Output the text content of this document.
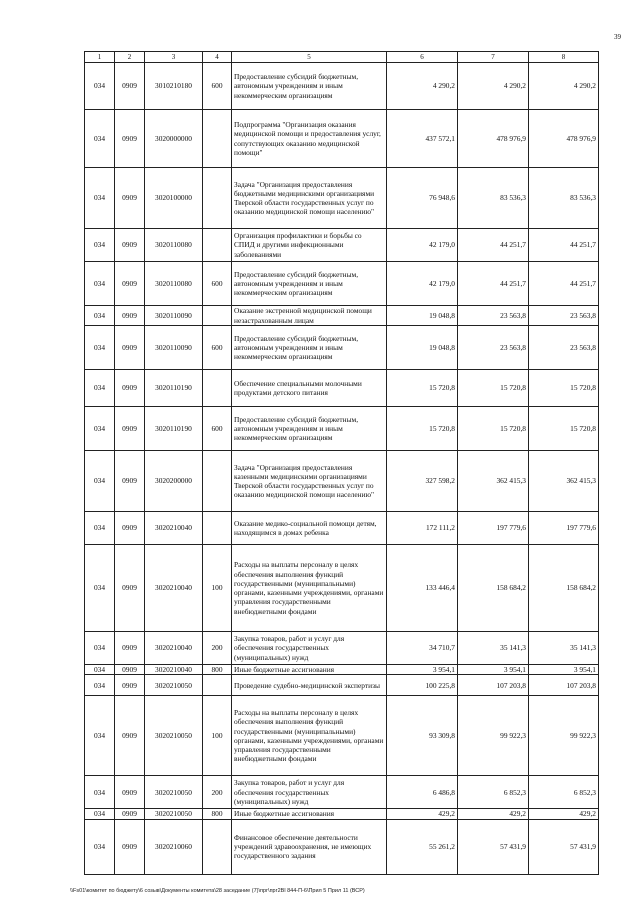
39
1	2	3	4	5	6	7	8
034	0909	3010210180	600	Предоставление субсидий бюджетным, автономным учреждениям и иным некоммерческим организациям	4 290,2	4 290,2	4 290,2
034	0909	3020000000		Подпрограмма "Организация оказания медицинской помощи и предоставления услуг, сопутствующих оказанию медицинской помощи"	437 572,1	478 976,9	478 976,9
034	0909	3020100000		Задача "Организация предоставления бюджетными медицинскими организациями Тверской области государственных услуг по оказанию медицинской помощи населению"	76 948,6	83 536,3	83 536,3
034	0909	3020110080		Организация профилактики и борьбы со СПИД и другими инфекционными заболеваниями	42 179,0	44 251,7	44 251,7
034	0909	3020110080	600	Предоставление субсидий бюджетным, автономным учреждениям и иным некоммерческим организациям	42 179,0	44 251,7	44 251,7
034	0909	3020110090		Оказание экстренной медицинской помощи незастрахованным лицам	19 048,8	23 563,8	23 563,8
034	0909	3020110090	600	Предоставление субсидий бюджетным, автономным учреждениям и иным некоммерческим организациям	19 048,8	23 563,8	23 563,8
034	0909	3020110190		Обеспечение специальными молочными продуктами детского питания	15 720,8	15 720,8	15 720,8
034	0909	3020110190	600	Предоставление субсидий бюджетным, автономным учреждениям и иным некоммерческим организациям	15 720,8	15 720,8	15 720,8
034	0909	3020200000		Задача "Организация предоставления казенными медицинскими организациями Тверской области государственных услуг по оказанию медицинской помощи населению"	327 598,2	362 415,3	362 415,3
034	0909	3020210040		Оказание медико-социальной помощи детям, находящимся в домах ребенка	172 111,2	197 779,6	197 779,6
034	0909	3020210040	100	Расходы на выплаты персоналу в целях обеспечения выполнения функций государственными (муниципальными) органами, казенными учреждениями, органами управления государственными внебюджетными фондами	133 446,4	158 684,2	158 684,2
034	0909	3020210040	200	Закупка товаров, работ и услуг для обеспечения государственных (муниципальных) нужд	34 710,7	35 141,3	35 141,3
034	0909	3020210040	800	Иные бюджетные ассигнования	3 954,1	3 954,1	3 954,1
034	0909	3020210050		Проведение судебно-медицинской экспертизы	100 225,8	107 203,8	107 203,8
034	0909	3020210050	100	Расходы на выплаты персоналу в целях обеспечения выполнения функций государственными (муниципальными) органами, казенными учреждениями, органами управления государственными внебюджетными фондами	93 309,8	99 922,3	99 922,3
034	0909	3020210050	200	Закупка товаров, работ и услуг для обеспечения государственных (муниципальных) нужд	6 486,8	6 852,3	6 852,3
034	0909	3020210050	800	Иные бюджетные ассигнования	429,2	429,2	429,2
034	0909	3020210060		Финансовое обеспечение деятельности учреждений здравоохранения, не имеющих государственного задания	55 261,2	57 431,9	57 431,9
\\Fs01\комитет по бюджету\6 созыв\Документы комитета\28 заседание (7)\прг\прг2Bl 844-П-6\Прил 5 Прил 11 (ВСР)
